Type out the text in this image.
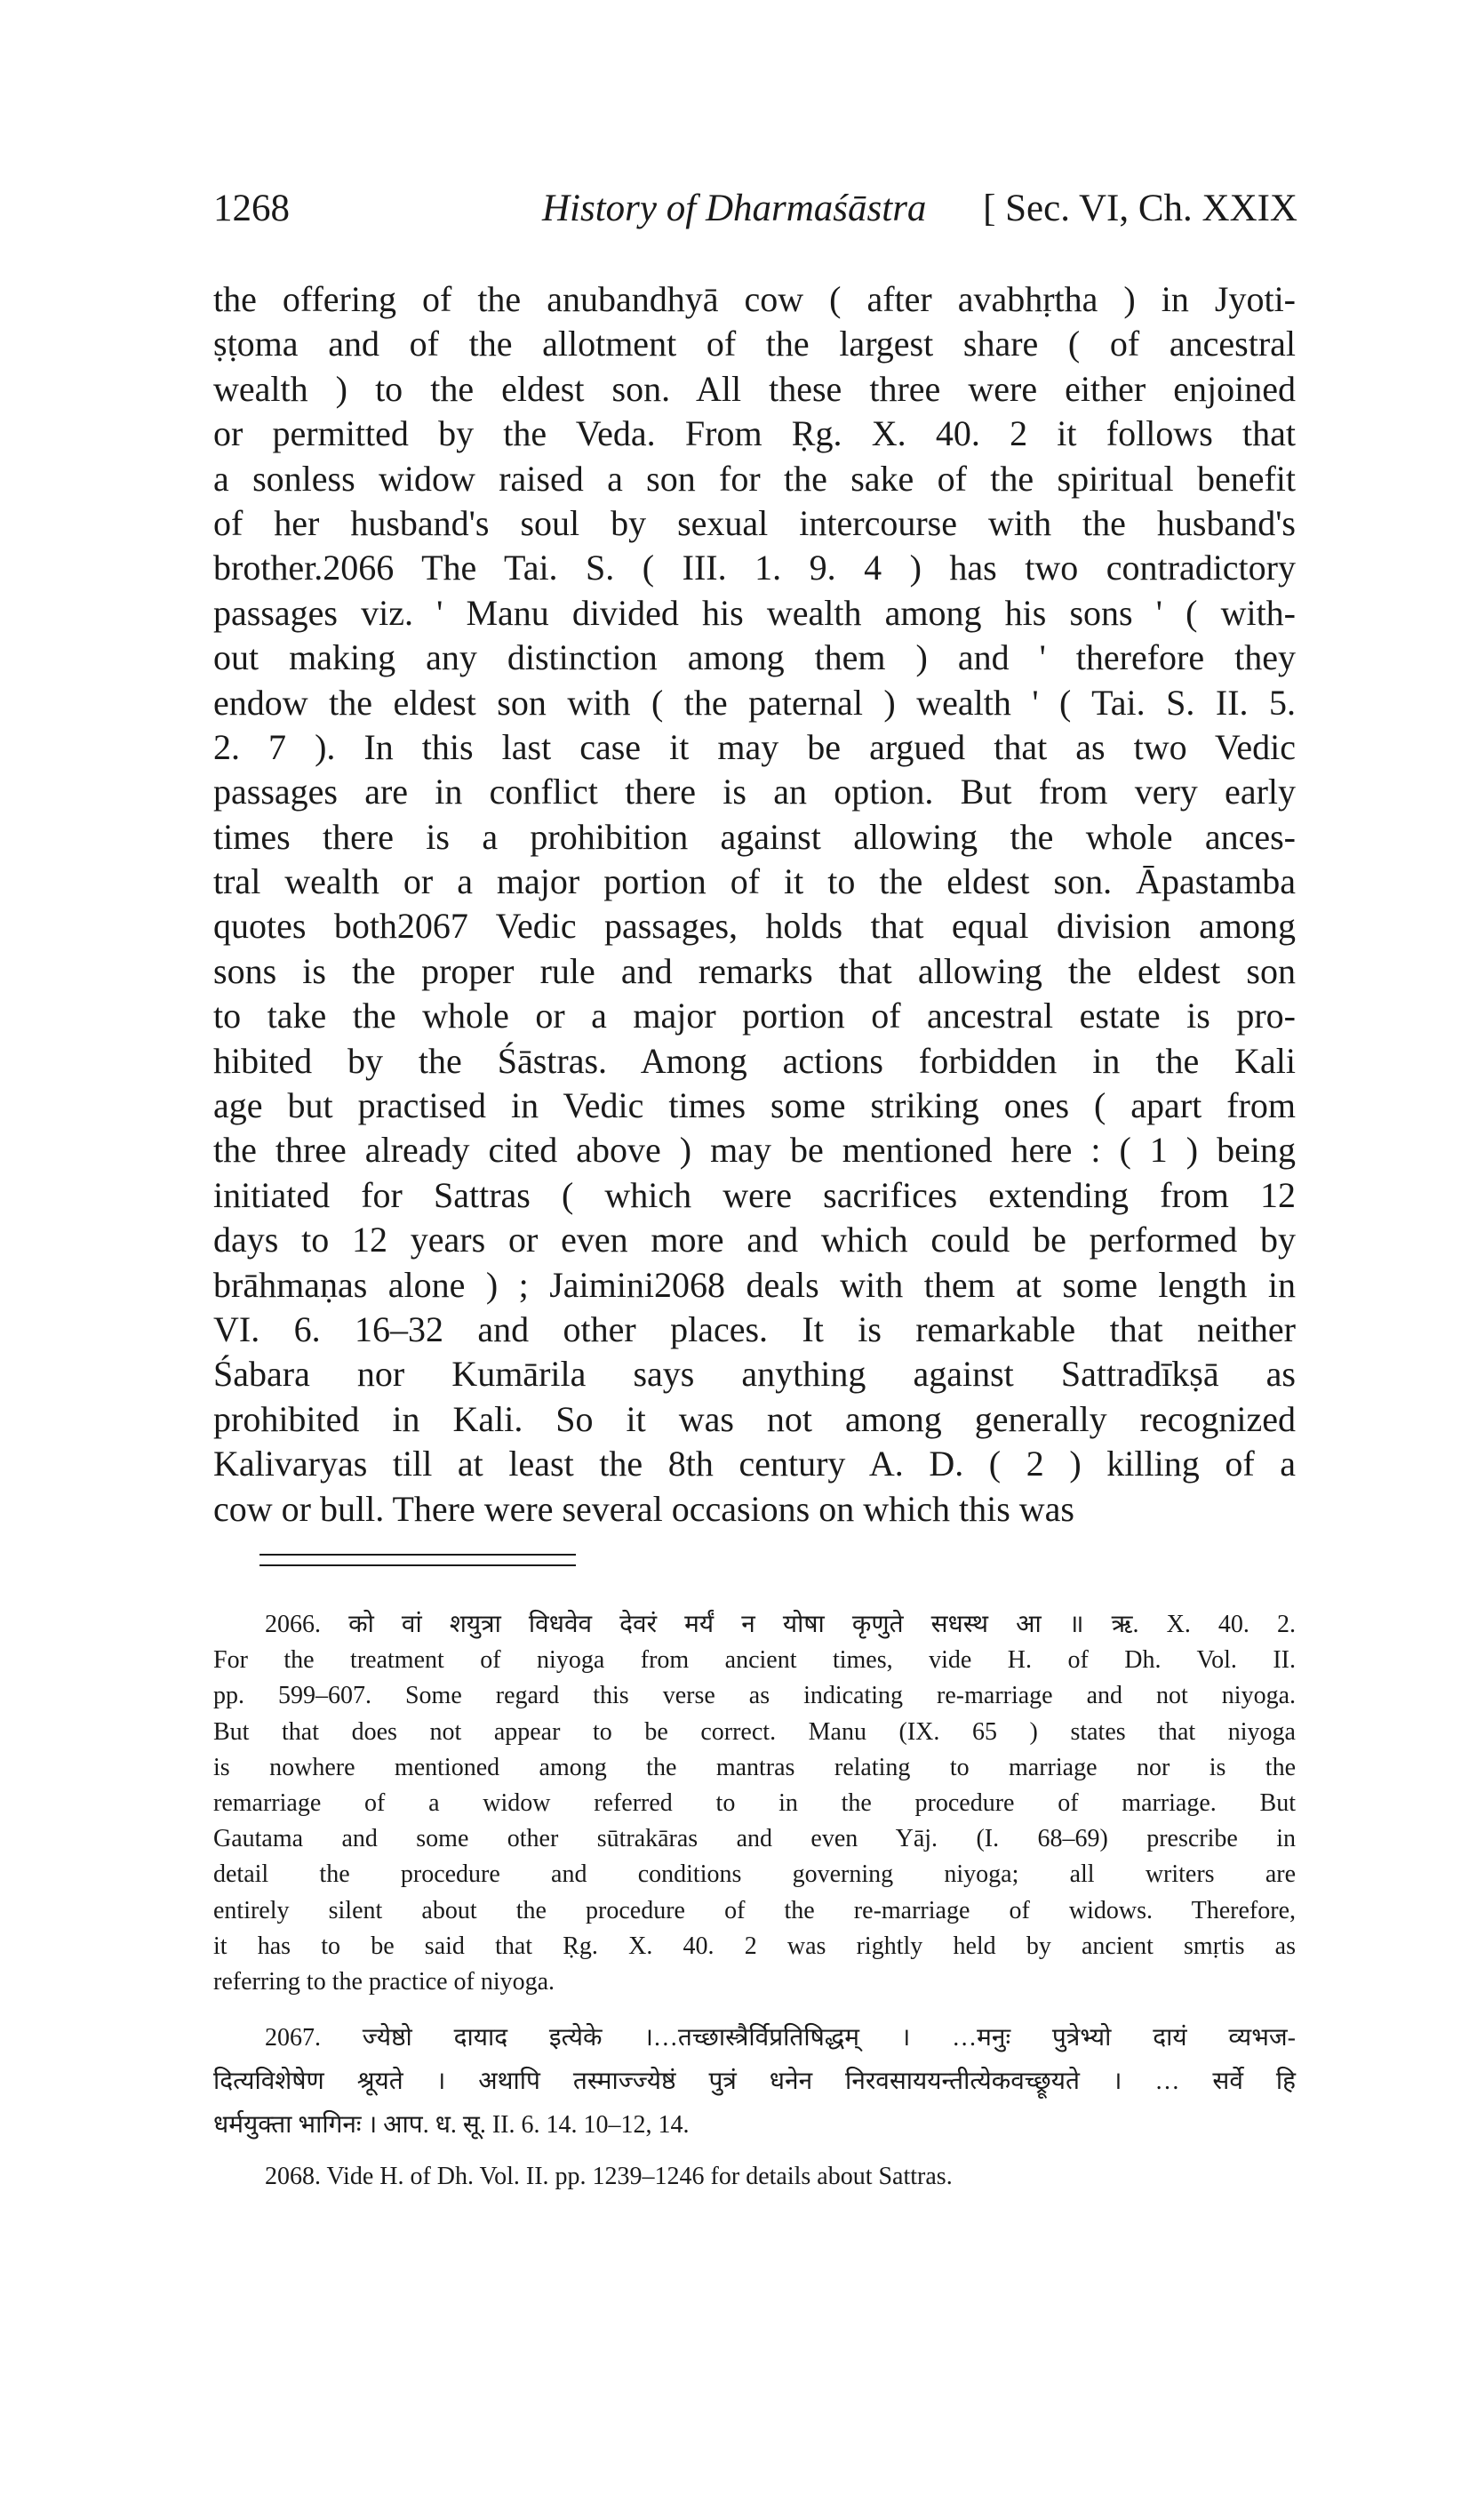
1268	History of Dharmaśāstra [ Sec. VI, Ch. XXIX
the offering of the anubandhyā cow ( after avabhṛtha ) in Jyoti-
ṣṭoma and of the allotment of the largest share ( of ancestral
wealth ) to the eldest son. All these three were either enjoined
or permitted by the Veda. From Ṛg. X. 40. 2 it follows that
a sonless widow raised a son for the sake of the spiritual benefit
of her husband's soul by sexual intercourse with the husband's
brother.2066 The Tai. S. ( III. 1. 9. 4 ) has two contradictory
passages viz. ' Manu divided his wealth among his sons ' ( with-
out making any distinction among them ) and ' therefore they
endow the eldest son with ( the paternal ) wealth ' ( Tai. S. II. 5.
2. 7 ). In this last case it may be argued that as two Vedic
passages are in conflict there is an option. But from very early
times there is a prohibition against allowing the whole ances-
tral wealth or a major portion of it to the eldest son. Āpastamba
quotes both2067 Vedic passages, holds that equal division among
sons is the proper rule and remarks that allowing the eldest son
to take the whole or a major portion of ancestral estate is pro-
hibited by the Śāstras. Among actions forbidden in the Kali
age but practised in Vedic times some striking ones ( apart from
the three already cited above ) may be mentioned here : ( 1 ) being
initiated for Sattras ( which were sacrifices extending from 12
days to 12 years or even more and which could be performed by
brāhmaṇas alone ) ; Jaimini2068 deals with them at some length in
VI. 6. 16–32 and other places. It is remarkable that neither
Śabara nor Kumārila says anything against Sattradīkṣā as
prohibited in Kali. So it was not among generally recognized
Kalivaryas till at least the 8th century A. D. ( 2 ) killing of a
cow or bull. There were several occasions on which this was
2066. को वां शयुत्रा विधवेव देवरं मर्यं न योषा कृणुते सधस्थ आ ॥ ऋ. X. 40. 2.
For the treatment of niyoga from ancient times, vide H. of Dh. Vol. II.
pp. 599–607. Some regard this verse as indicating re-marriage and not niyoga.
But that does not appear to be correct. Manu (IX. 65 ) states that niyoga
is nowhere mentioned among the mantras relating to marriage nor is the
remarriage of a widow referred to in the procedure of marriage. But
Gautama and some other sūtrakāras and even Yāj. (I. 68–69) prescribe in
detail the procedure and conditions governing niyoga; all writers are
entirely silent about the procedure of the re-marriage of widows. Therefore,
it has to be said that Ṛg. X. 40. 2 was rightly held by ancient smṛtis as
referring to the practice of niyoga.
2067. ज्येष्ठो दायाद इत्येके ।…तच्छास्त्रैर्विप्रतिषिद्धम् । …मनुः पुत्रेभ्यो दायं व्यभज-
दित्यविशेषेण श्रूयते । अथापि तस्माज्ज्येष्ठं पुत्रं धनेन निरवसाययन्तीत्येकवच्छ्रूयते । … सर्वे हि
धर्मयुक्ता भागिनः । आप. ध. सू. II. 6. 14. 10–12, 14.
2068. Vide H. of Dh. Vol. II. pp. 1239–1246 for details about Sattras.
